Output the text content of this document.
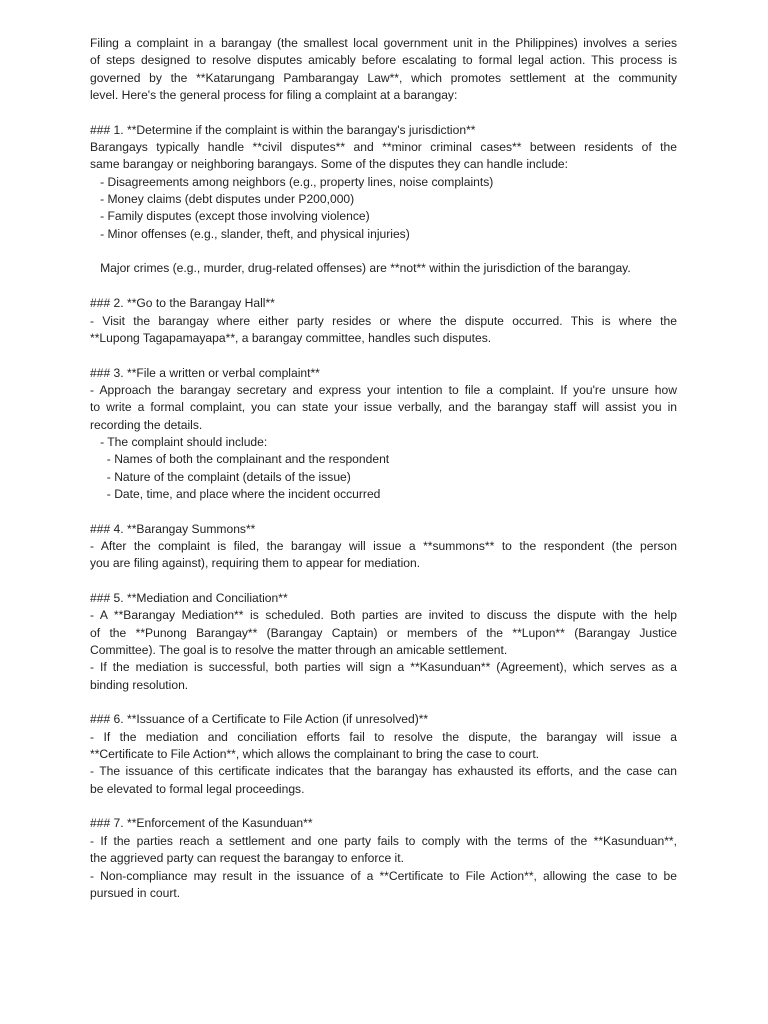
Filing a complaint in a barangay (the smallest local government unit in the Philippines) involves a series
of steps designed to resolve disputes amicably before escalating to formal legal action. This process is
governed by the **Katarungang Pambarangay Law**, which promotes settlement at the community
level. Here's the general process for filing a complaint at a barangay:
### 1. **Determine if the complaint is within the barangay's jurisdiction**
Barangays typically handle **civil disputes** and **minor criminal cases** between residents of the
same barangay or neighboring barangays. Some of the disputes they can handle include:
- Disagreements among neighbors (e.g., property lines, noise complaints)
- Money claims (debt disputes under P200,000)
- Family disputes (except those involving violence)
- Minor offenses (e.g., slander, theft, and physical injuries)
Major crimes (e.g., murder, drug-related offenses) are **not** within the jurisdiction of the barangay.
### 2. **Go to the Barangay Hall**
- Visit the barangay where either party resides or where the dispute occurred. This is where the
**Lupong Tagapamayapa**, a barangay committee, handles such disputes.
### 3. **File a written or verbal complaint**
- Approach the barangay secretary and express your intention to file a complaint. If you're unsure how
to write a formal complaint, you can state your issue verbally, and the barangay staff will assist you in
recording the details.
- The complaint should include:
- Names of both the complainant and the respondent
- Nature of the complaint (details of the issue)
- Date, time, and place where the incident occurred
### 4. **Barangay Summons**
- After the complaint is filed, the barangay will issue a **summons** to the respondent (the person
you are filing against), requiring them to appear for mediation.
### 5. **Mediation and Conciliation**
- A **Barangay Mediation** is scheduled. Both parties are invited to discuss the dispute with the help
of the **Punong Barangay** (Barangay Captain) or members of the **Lupon** (Barangay Justice
Committee). The goal is to resolve the matter through an amicable settlement.
- If the mediation is successful, both parties will sign a **Kasunduan** (Agreement), which serves as a
binding resolution.
### 6. **Issuance of a Certificate to File Action (if unresolved)**
- If the mediation and conciliation efforts fail to resolve the dispute, the barangay will issue a
**Certificate to File Action**, which allows the complainant to bring the case to court.
- The issuance of this certificate indicates that the barangay has exhausted its efforts, and the case can
be elevated to formal legal proceedings.
### 7. **Enforcement of the Kasunduan**
- If the parties reach a settlement and one party fails to comply with the terms of the **Kasunduan**,
the aggrieved party can request the barangay to enforce it.
- Non-compliance may result in the issuance of a **Certificate to File Action**, allowing the case to be
pursued in court.
